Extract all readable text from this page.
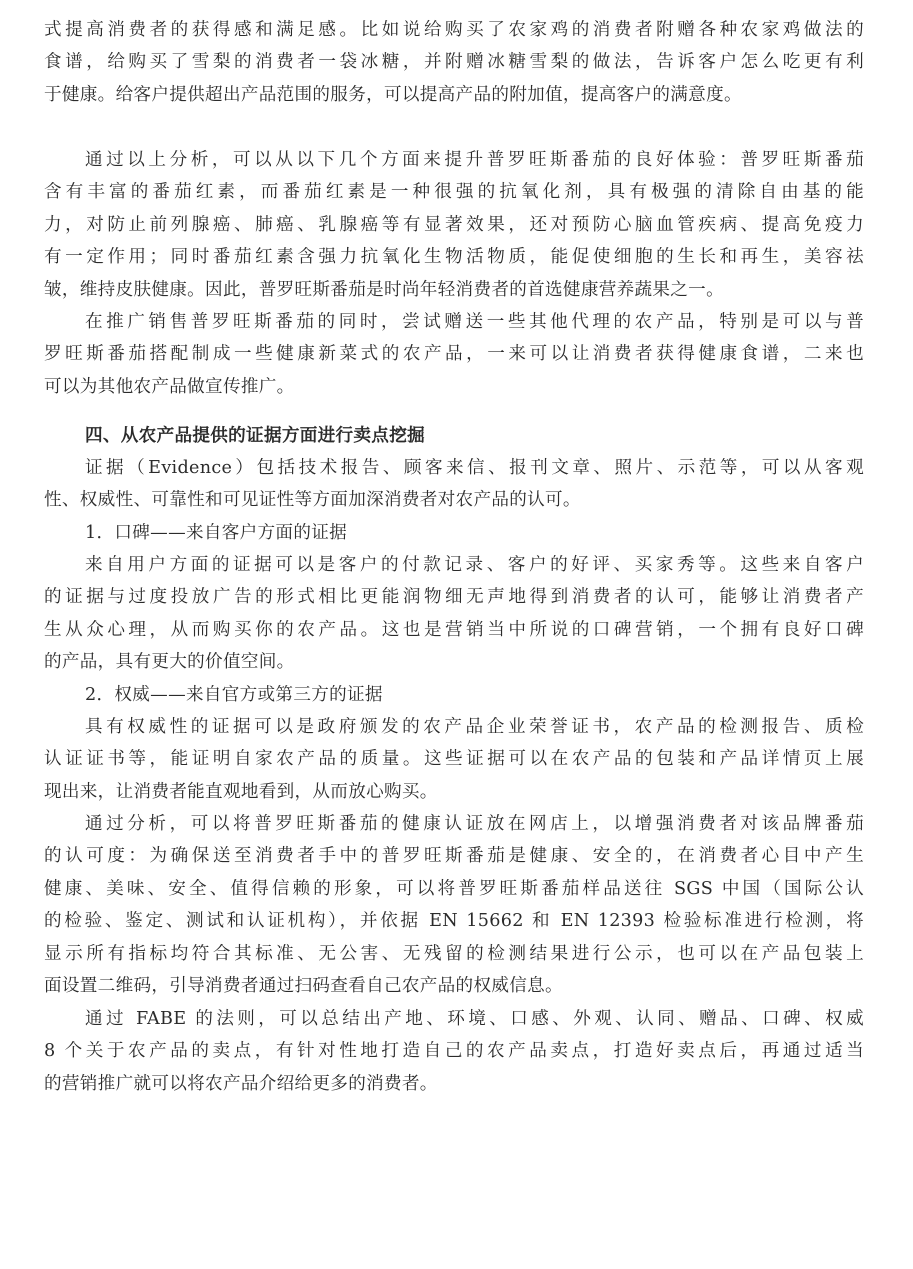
式提高消费者的获得感和满足感。比如说给购买了农家鸡的消费者附赠各种农家鸡做法的
食谱，给购买了雪梨的消费者一袋冰糖，并附赠冰糖雪梨的做法，告诉客户怎么吃更有利
于健康。给客户提供超出产品范围的服务，可以提高产品的附加值，提高客户的满意度。

通过以上分析，可以从以下几个方面来提升普罗旺斯番茄的良好体验：普罗旺斯番茄
含有丰富的番茄红素，而番茄红素是一种很强的抗氧化剂，具有极强的清除自由基的能
力，对防止前列腺癌、肺癌、乳腺癌等有显著效果，还对预防心脑血管疾病、提高免疫力
有一定作用；同时番茄红素含强力抗氧化生物活物质，能促使细胞的生长和再生，美容祛
皱，维持皮肤健康。因此，普罗旺斯番茄是时尚年轻消费者的首选健康营养蔬果之一。

在推广销售普罗旺斯番茄的同时，尝试赠送一些其他代理的农产品，特别是可以与普
罗旺斯番茄搭配制成一些健康新菜式的农产品，一来可以让消费者获得健康食谱，二来也
可以为其他农产品做宣传推广。

四、从农产品提供的证据方面进行卖点挖掘

证据（Evidence）包括技术报告、顾客来信、报刊文章、照片、示范等，可以从客观
性、权威性、可靠性和可见证性等方面加深消费者对农产品的认可。

1．口碑——来自客户方面的证据

来自用户方面的证据可以是客户的付款记录、客户的好评、买家秀等。这些来自客户
的证据与过度投放广告的形式相比更能润物细无声地得到消费者的认可，能够让消费者产
生从众心理，从而购买你的农产品。这也是营销当中所说的口碑营销，一个拥有良好口碑
的产品，具有更大的价值空间。

2．权威——来自官方或第三方的证据

具有权威性的证据可以是政府颁发的农产品企业荣誉证书，农产品的检测报告、质检
认证证书等，能证明自家农产品的质量。这些证据可以在农产品的包装和产品详情页上展
现出来，让消费者能直观地看到，从而放心购买。

通过分析，可以将普罗旺斯番茄的健康认证放在网店上，以增强消费者对该品牌番茄
的认可度：为确保送至消费者手中的普罗旺斯番茄是健康、安全的，在消费者心目中产生
健康、美味、安全、值得信赖的形象，可以将普罗旺斯番茄样品送往 SGS 中国（国际公认
的检验、鉴定、测试和认证机构），并依据 EN 15662 和 EN 12393 检验标准进行检测，将
显示所有指标均符合其标准、无公害、无残留的检测结果进行公示，也可以在产品包装上
面设置二维码，引导消费者通过扫码查看自己农产品的权威信息。

通过 FABE 的法则，可以总结出产地、环境、口感、外观、认同、赠品、口碑、权威
8 个关于农产品的卖点，有针对性地打造自己的农产品卖点，打造好卖点后，再通过适当
的营销推广就可以将农产品介绍给更多的消费者。
